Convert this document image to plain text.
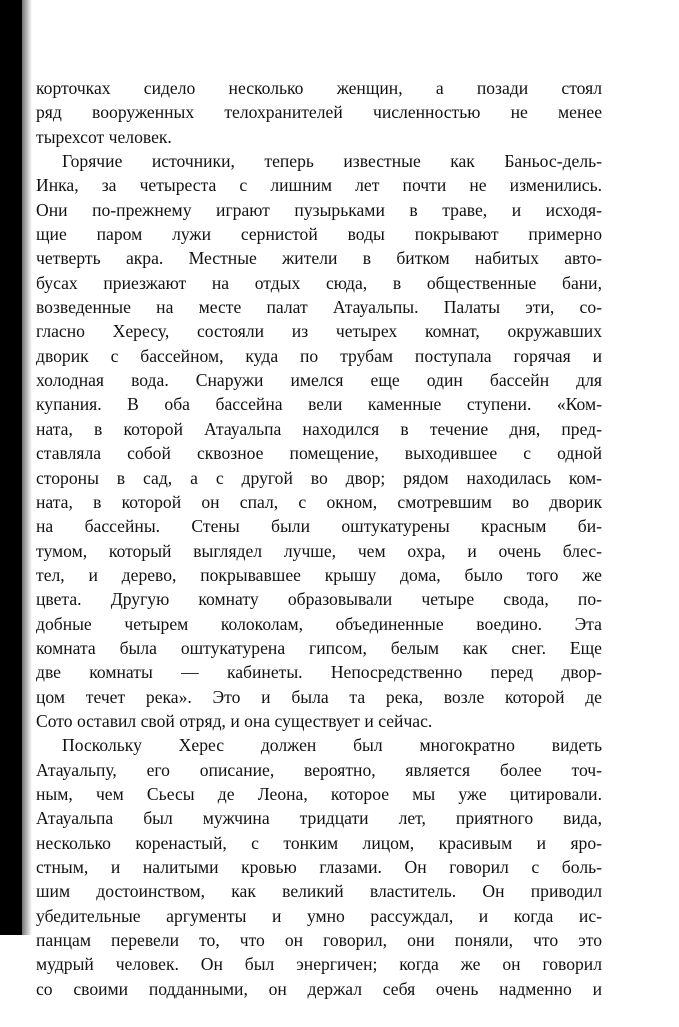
корточках сидело несколько женщин, а позади стоял
ряд вооруженных телохранителей численностью не менее
тырехсот человек.
Горячие источники, теперь известные как Баньос-дель-
Инка, за четыреста с лишним лет почти не изменились.
Они по-прежнему играют пузырьками в траве, и исходя-
щие паром лужи сернистой воды покрывают примерно
четверть акра. Местные жители в битком набитых авто-
бусах приезжают на отдых сюда, в общественные бани,
возведенные на месте палат Атауальпы. Палаты эти, со-
гласно Хересу, состояли из четырех комнат, окружавших
дворик с бассейном, куда по трубам поступала горячая и
холодная вода. Снаружи имелся еще один бассейн для
купания. В оба бассейна вели каменные ступени. «Ком-
ната, в которой Атауальпа находился в течение дня, пред-
ставляла собой сквозное помещение, выходившее с одной
стороны в сад, а с другой во двор; рядом находилась ком-
ната, в которой он спал, с окном, смотревшим во дворик
на бассейны. Стены были оштукатурены красным би-
тумом, который выглядел лучше, чем охра, и очень блес-
тел, и дерево, покрывавшее крышу дома, было того же
цвета. Другую комнату образовывали четыре свода, по-
добные четырем колоколам, объединенные воедино. Эта
комната была оштукатурена гипсом, белым как снег. Еще
две комнаты — кабинеты. Непосредственно перед двор-
цом течет река». Это и была та река, возле которой де
Сото оставил свой отряд, и она существует и сейчас.
Поскольку Херес должен был многократно видеть
Атауальпу, его описание, вероятно, является более точ-
ным, чем Сьесы де Леона, которое мы уже цитировали.
Атауальпа был мужчина тридцати лет, приятного вида,
несколько коренастый, с тонким лицом, красивым и яро-
стным, и налитыми кровью глазами. Он говорил с боль-
шим достоинством, как великий властитель. Он приводил
убедительные аргументы и умно рассуждал, и когда ис-
панцам перевели то, что он говорил, они поняли, что это
мудрый человек. Он был энергичен; когда же он говорил
со своими подданными, он держал себя очень надменно и
